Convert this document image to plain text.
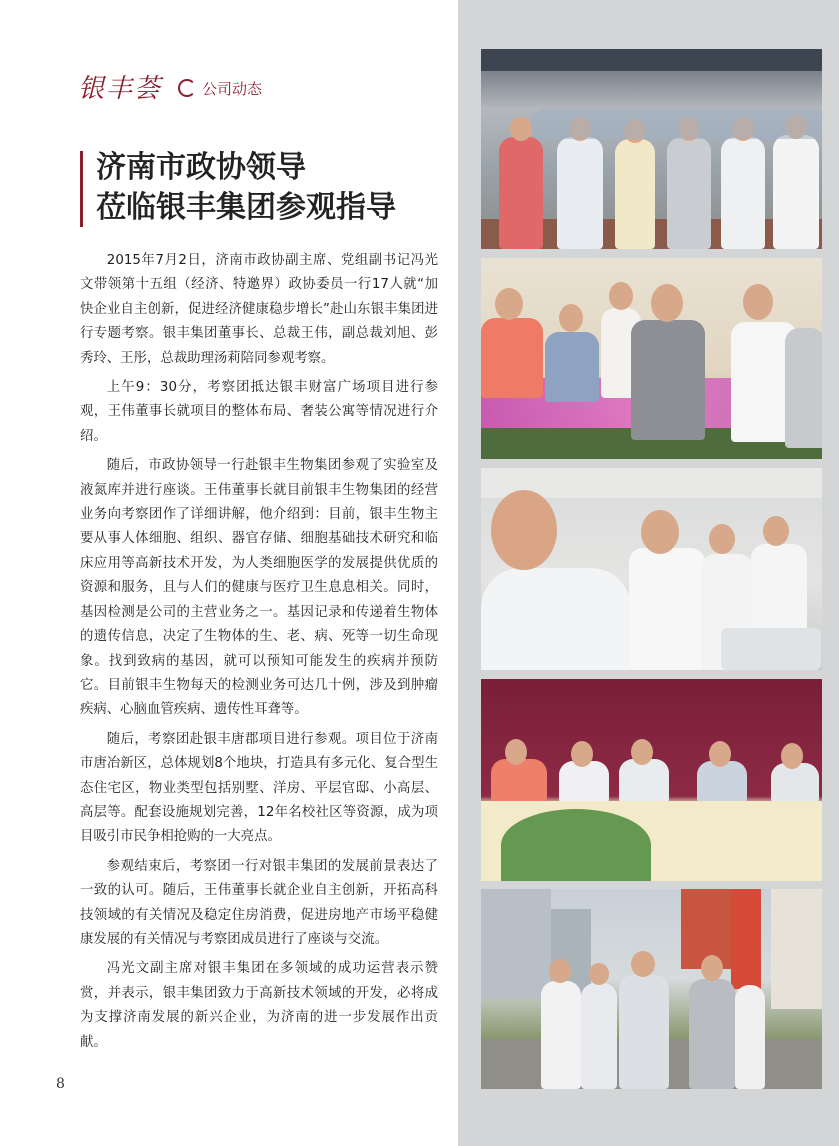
银丰荟	公司动态
济南市政协领导
莅临银丰集团参观指导

2015年7月2日，济南市政协副主席、党组副书记冯光文带领第十五组（经济、特邀界）政协委员一行17人就“加快企业自主创新，促进经济健康稳步增长”赴山东银丰集团进行专题考察。银丰集团董事长、总裁王伟，副总裁刘旭、彭秀玲、王彤，总裁助理汤莉陪同参观考察。

上午9：30分，考察团抵达银丰财富广场项目进行参观，王伟董事长就项目的整体布局、奢装公寓等情况进行介绍。

随后，市政协领导一行赴银丰生物集团参观了实验室及液氮库并进行座谈。王伟董事长就目前银丰生物集团的经营业务向考察团作了详细讲解，他介绍到：目前，银丰生物主要从事人体细胞、组织、器官存储、细胞基础技术研究和临床应用等高新技术开发，为人类细胞医学的发展提供优质的资源和服务，且与人们的健康与医疗卫生息息相关。同时，基因检测是公司的主营业务之一。基因记录和传递着生物体的遗传信息，决定了生物体的生、老、病、死等一切生命现象。找到致病的基因，就可以预知可能发生的疾病并预防它。目前银丰生物每天的检测业务可达几十例，涉及到肿瘤疾病、心脑血管疾病、遗传性耳聋等。

随后，考察团赴银丰唐郡项目进行参观。项目位于济南市唐冶新区，总体规划8个地块，打造具有多元化、复合型生态住宅区，物业类型包括别墅、洋房、平层官邸、小高层、高层等。配套设施规划完善，12年名校社区等资源，成为项目吸引市民争相抢购的一大亮点。

参观结束后，考察团一行对银丰集团的发展前景表达了一致的认可。随后，王伟董事长就企业自主创新，开拓高科技领域的有关情况及稳定住房消费，促进房地产市场平稳健康发展的有关情况与考察团成员进行了座谈与交流。

冯光文副主席对银丰集团在多领域的成功运营表示赞赏，并表示，银丰集团致力于高新技术领域的开发，必将成为支撑济南发展的新兴企业，为济南的进一步发展作出贡献。

8
